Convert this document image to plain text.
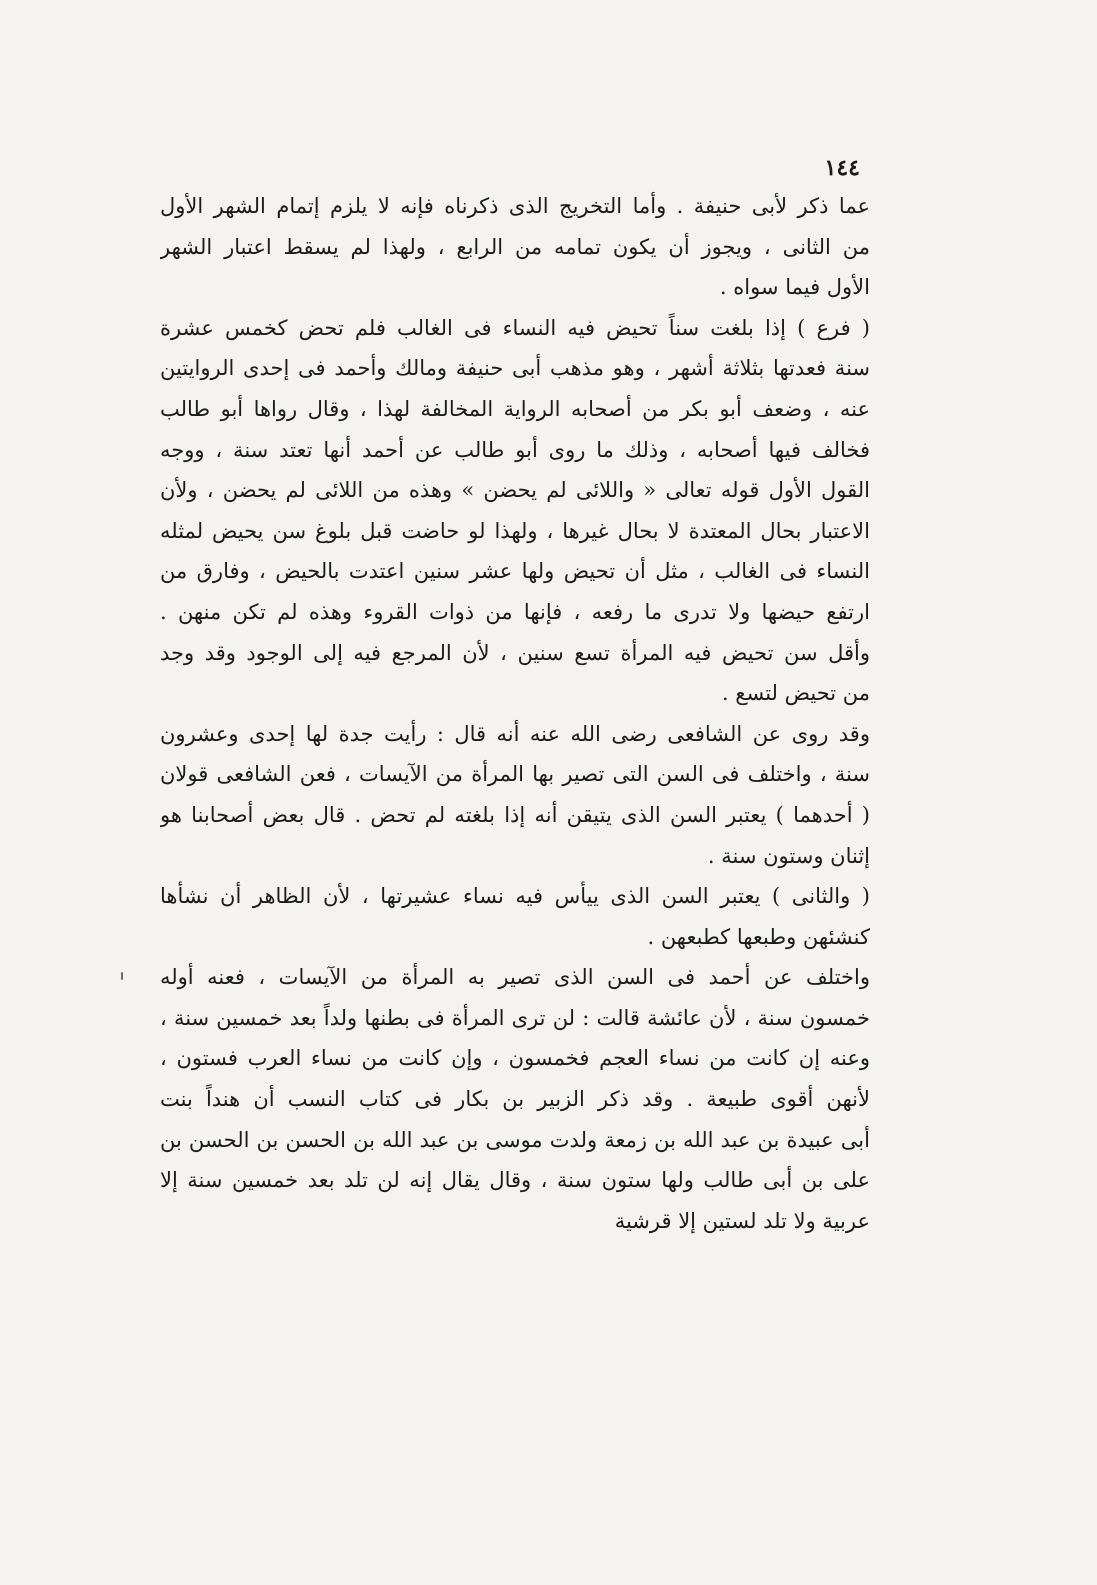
١٤٤
عما ذكر لأبى حنيفة . وأما التخريج الذى ذكرناه فإنه لا يلزم إتمام الشهر الأول
من الثانى ، ويجوز أن يكون تمامه من الرابع ، ولهذا لم يسقط اعتبار الشهر
الأول فيما سواه .
( فرع ) إذا بلغت سناً تحيض فيه النساء فى الغالب فلم تحض كخمس عشرة
سنة فعدتها بثلاثة أشهر ، وهو مذهب أبى حنيفة ومالك وأحمد فى إحدى الروايتين
عنه ، وضعف أبو بكر من أصحابه الرواية المخالفة لهذا ، وقال رواها أبو طالب
فخالف فيها أصحابه ، وذلك ما روى أبو طالب عن أحمد أنها تعتد سنة ، ووجه
القول الأول قوله تعالى « واللائى لم يحضن » وهذه من اللائى لم يحضن ، ولأن
الاعتبار بحال المعتدة لا بحال غيرها ، ولهذا لو حاضت قبل بلوغ سن يحيض لمثله
النساء فى الغالب ، مثل أن تحيض ولها عشر سنين اعتدت بالحيض ، وفارق من
ارتفع حيضها ولا تدرى ما رفعه ، فإنها من ذوات القروء وهذه لم تكن منهن .
وأقل سن تحيض فيه المرأة تسع سنين ، لأن المرجع فيه إلى الوجود وقد وجد
من تحيض لتسع .
وقد روى عن الشافعى رضى الله عنه أنه قال : رأيت جدة لها إحدى وعشرون
سنة ، واختلف فى السن التى تصير بها المرأة من الآيسات ، فعن الشافعى قولان
( أحدهما ) يعتبر السن الذى يتيقن أنه إذا بلغته لم تحض . قال بعض أصحابنا هو
إثنان وستون سنة .
( والثانى ) يعتبر السن الذى ييأس فيه نساء عشيرتها ، لأن الظاهر أن نشأها
كنشئهن وطبعها كطبعهن .
واختلف عن أحمد فى السن الذى تصير به المرأة من الآيسات ، فعنه أوله
خمسون سنة ، لأن عائشة قالت : لن ترى المرأة فى بطنها ولداً بعد خمسين سنة ،
وعنه إن كانت من نساء العجم فخمسون ، وإن كانت من نساء العرب فستون ،
لأنهن أقوى طبيعة . وقد ذكر الزبير بن بكار فى كتاب النسب أن هنداً بنت
أبى عبيدة بن عبد الله بن زمعة ولدت موسى بن عبد الله بن الحسن بن الحسن بن
على بن أبى طالب ولها ستون سنة ، وقال يقال إنه لن تلد بعد خمسين سنة إلا
عربية ولا تلد لستين إلا قرشية
